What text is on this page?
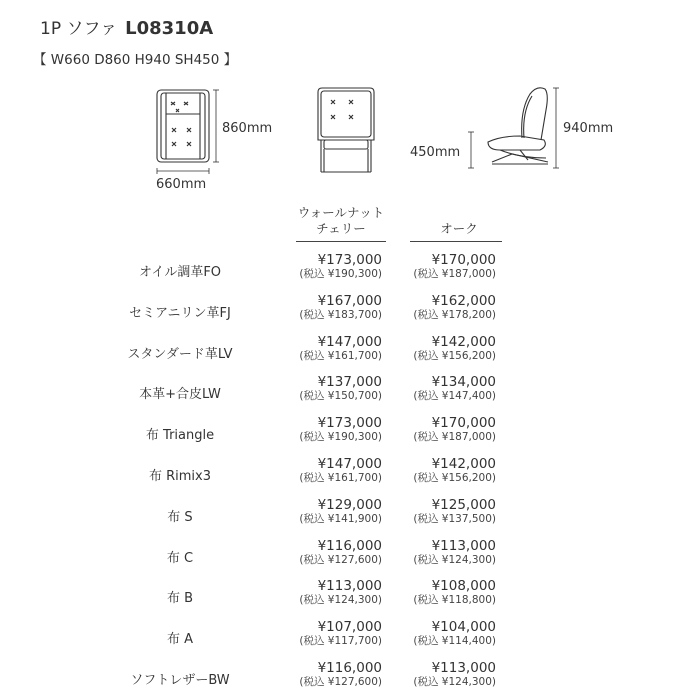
1P ソファ L08310A
【 W660 D860 H940 SH450 】
860mm
660mm
450mm
940mm
ウォールナット
チェリー	オーク
オイル調革FO
¥173,000
(税込 ¥190,300)
¥170,000
(税込 ¥187,000)
セミアニリン革FJ
¥167,000
(税込 ¥183,700)
¥162,000
(税込 ¥178,200)
スタンダード革LV
¥147,000
(税込 ¥161,700)
¥142,000
(税込 ¥156,200)
本革+合皮LW
¥137,000
(税込 ¥150,700)
¥134,000
(税込 ¥147,400)
布 Triangle
¥173,000
(税込 ¥190,300)
¥170,000
(税込 ¥187,000)
布 Rimix3
¥147,000
(税込 ¥161,700)
¥142,000
(税込 ¥156,200)
布 S
¥129,000
(税込 ¥141,900)
¥125,000
(税込 ¥137,500)
布 C
¥116,000
(税込 ¥127,600)
¥113,000
(税込 ¥124,300)
布 B
¥113,000
(税込 ¥124,300)
¥108,000
(税込 ¥118,800)
布 A
¥107,000
(税込 ¥117,700)
¥104,000
(税込 ¥114,400)
ソフトレザーBW
¥116,000
(税込 ¥127,600)
¥113,000
(税込 ¥124,300)
